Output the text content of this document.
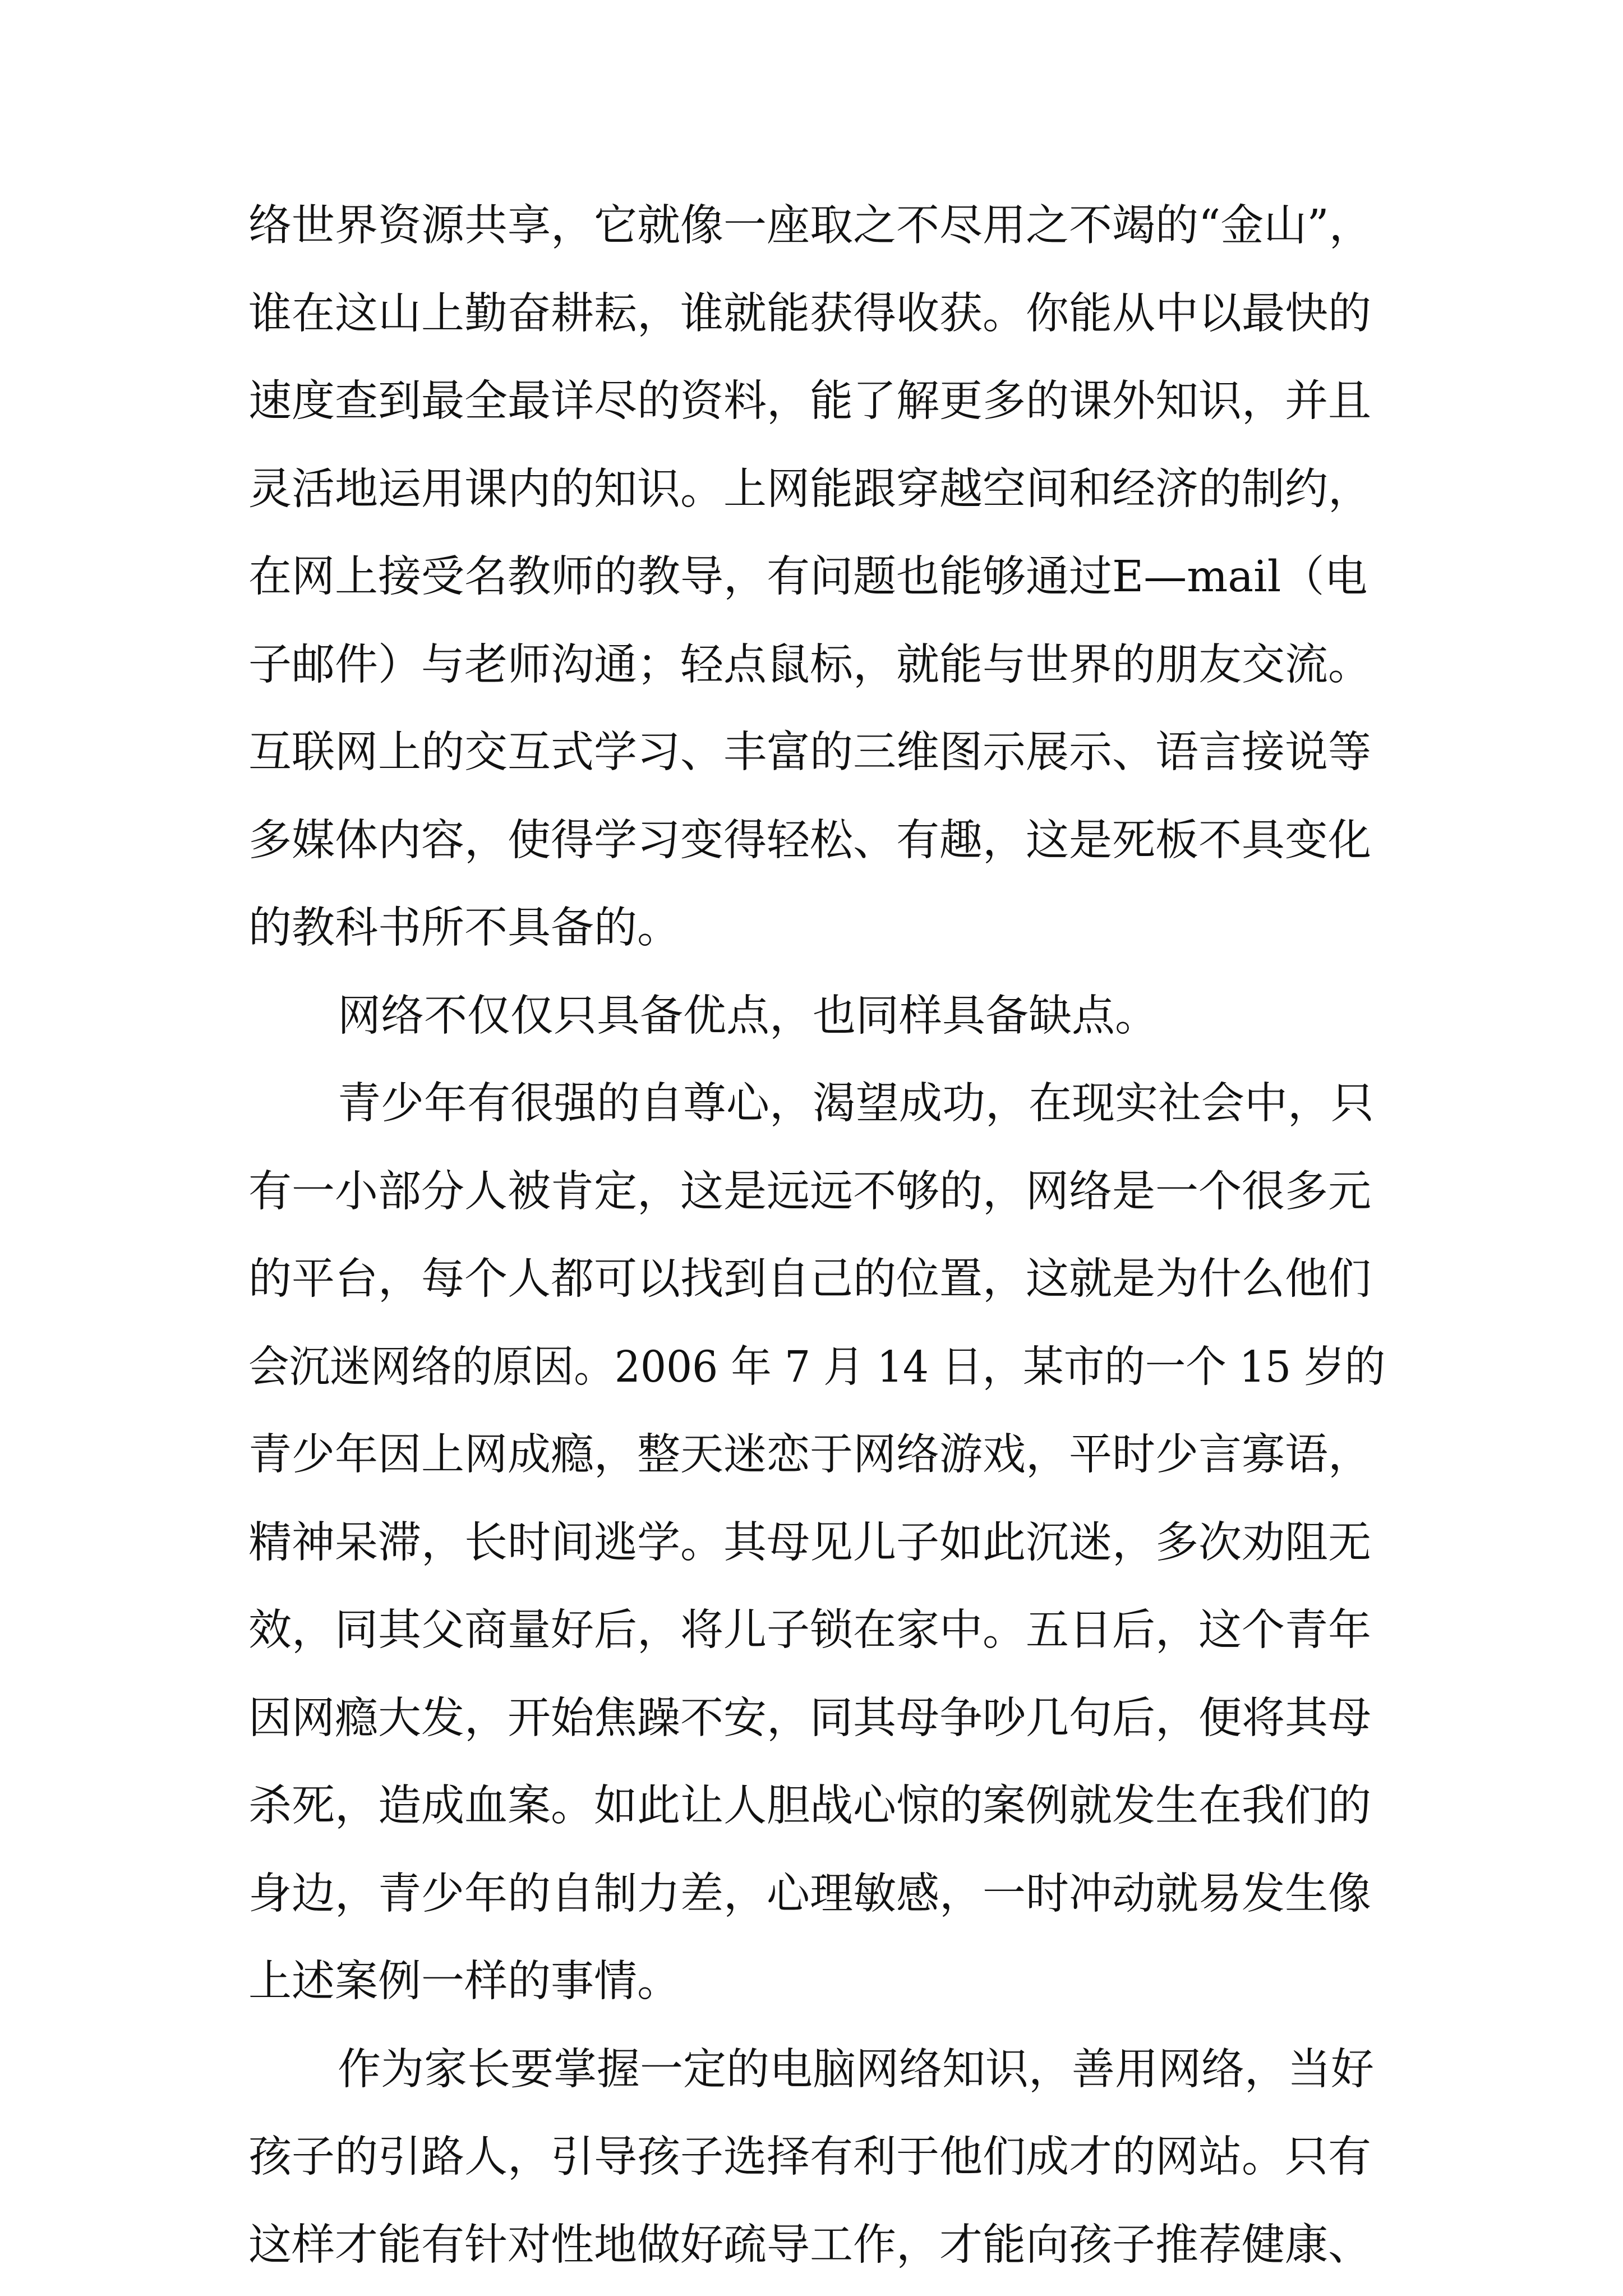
络世界资源共享，它就像一座取之不尽用之不竭的“金山”，

谁在这山上勤奋耕耘，谁就能获得收获。你能从中以最快的

速度查到最全最详尽的资料，能了解更多的课外知识，并且

灵活地运用课内的知识。上网能跟穿越空间和经济的制约，

在网上接受名教师的教导，有问题也能够通过E—mail（电

子邮件）与老师沟通；轻点鼠标，就能与世界的朋友交流。

互联网上的交互式学习、丰富的三维图示展示、语言接说等

多媒体内容，使得学习变得轻松、有趣，这是死板不具变化

的教科书所不具备的。

网络不仅仅只具备优点，也同样具备缺点。

青少年有很强的自尊心，渴望成功，在现实社会中，只

有一小部分人被肯定，这是远远不够的，网络是一个很多元

的平台，每个人都可以找到自己的位置，这就是为什么他们

会沉迷网络的原因。2006 年 7 月 14 日，某市的一个 15 岁的

青少年因上网成瘾，整天迷恋于网络游戏，平时少言寡语，

精神呆滞，长时间逃学。其母见儿子如此沉迷，多次劝阻无

效，同其父商量好后，将儿子锁在家中。五日后，这个青年

因网瘾大发，开始焦躁不安，同其母争吵几句后，便将其母

杀死，造成血案。如此让人胆战心惊的案例就发生在我们的

身边，青少年的自制力差，心理敏感，一时冲动就易发生像

上述案例一样的事情。

作为家长要掌握一定的电脑网络知识，善用网络，当好

孩子的引路人，引导孩子选择有利于他们成才的网站。只有

这样才能有针对性地做好疏导工作，才能向孩子推荐健康、
